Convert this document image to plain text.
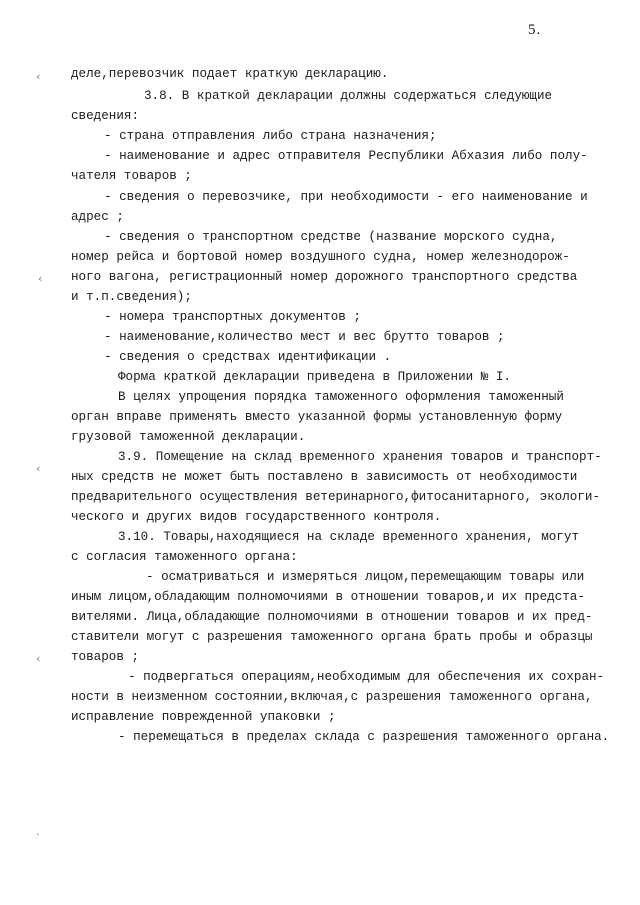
5.
‹
‹
‹
‹
·
деле,перевозчик подает краткую декларацию.
3.8. В краткой декларации должны содержаться следующие
сведения:
- страна отправления либо страна назначения;
- наименование и адрес отправителя Республики Абхазия либо полу-
чателя товаров ;
- сведения о перевозчике, при необходимости - его наименование и
адрес ;
- сведения о транспортном средстве (название морского судна,
номер рейса и бортовой номер воздушного судна, номер железнодорож-
ного вагона, регистрационный номер дорожного транспортного средства
и т.п.сведения);
- номера транспортных документов ;
- наименование,количество мест и вес брутто товаров ;
- сведения о средствах идентификации .
Форма краткой декларации приведена в Приложении № I.
В целях упрощения порядка таможенного оформления таможенный
орган вправе применять вместо указанной формы установленную форму
грузовой таможенной декларации.
3.9. Помещение на склад временного хранения товаров и транспорт-
ных средств не может быть поставлено в зависимость от необходимости
предварительного осуществления ветеринарного,фитосанитарного, экологи-
ческого и других видов государственного контроля.
3.10. Товары,находящиеся на складе временного хранения, могут
с согласия таможенного органа:
- осматриваться и измеряться лицом,перемещающим товары или
иным лицом,обладающим полномочиями в отношении товаров,и их предста-
вителями. Лица,обладающие полномочиями в отношении товаров и их пред-
ставители могут с разрешения таможенного органа брать пробы и образцы
товаров ;
- подвергаться операциям,необходимым для обеспечения их сохран-
ности в неизменном состоянии,включая,с разрешения таможенного органа,
исправление поврежденной упаковки ;
- перемещаться в пределах склада с разрешения таможенного органа.
